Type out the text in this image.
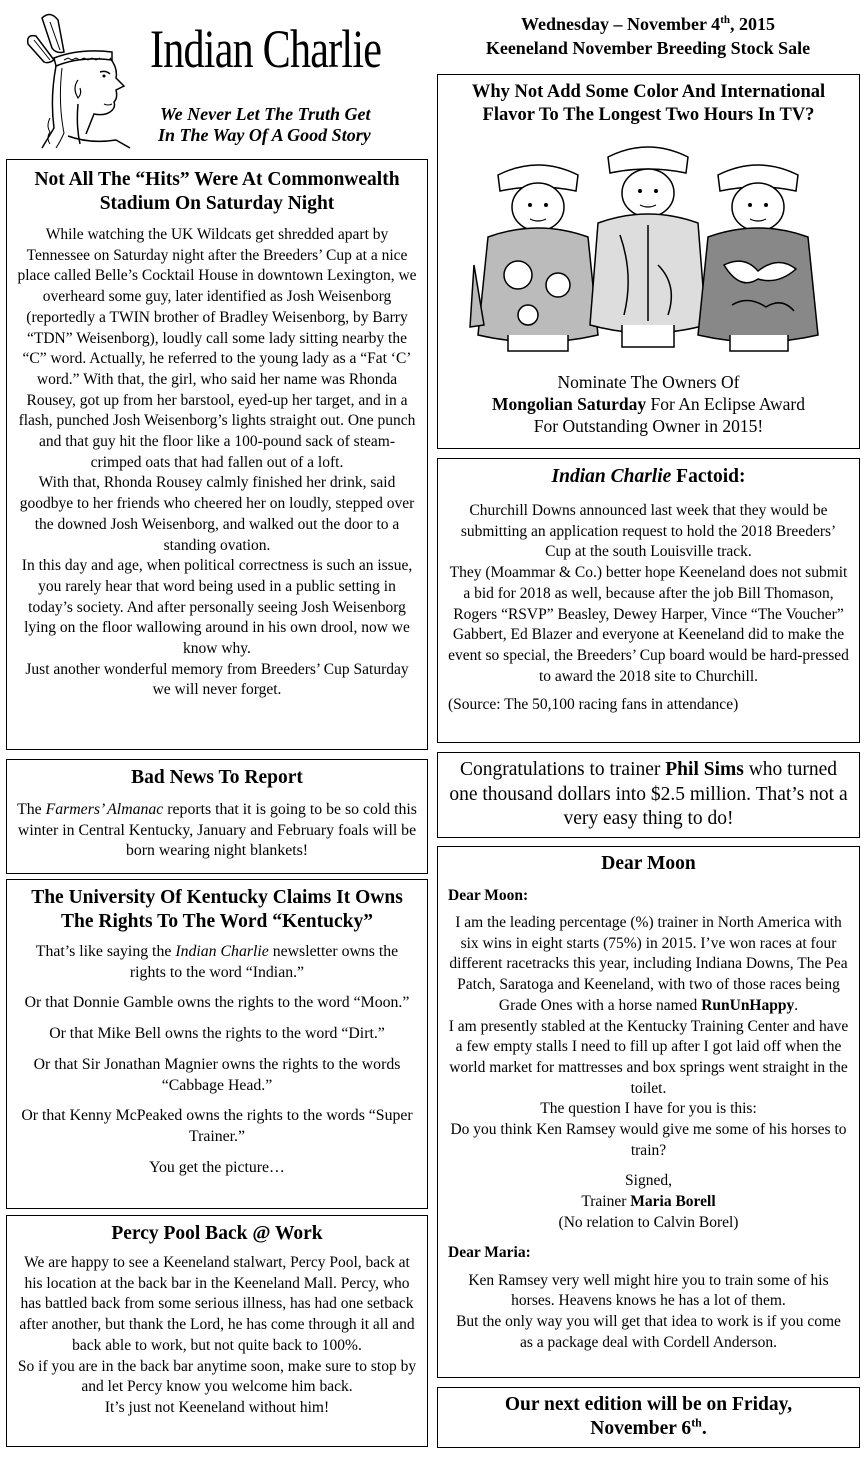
Indian Charlie
We Never Let The Truth Get
In The Way Of A Good Story
Wednesday – November 4th, 2015
Keeneland November Breeding Stock Sale
Not All The “Hits” Were At Commonwealth Stadium On Saturday Night

While watching the UK Wildcats get shredded apart by Tennessee on Saturday night after the Breeders’ Cup at a nice place called Belle’s Cocktail House in downtown Lexington, we overheard some guy, later identified as Josh Weisenborg (reportedly a TWIN brother of Bradley Weisenborg, by Barry “TDN” Weisenborg), loudly call some lady sitting nearby the “C” word. Actually, he referred to the young lady as a “Fat ‘C’ word.” With that, the girl, who said her name was Rhonda Rousey, got up from her barstool, eyed-up her target, and in a flash, punched Josh Weisenborg’s lights straight out. One punch and that guy hit the floor like a 100-pound sack of steam-crimped oats that had fallen out of a loft.

With that, Rhonda Rousey calmly finished her drink, said goodbye to her friends who cheered her on loudly, stepped over the downed Josh Weisenborg, and walked out the door to a standing ovation.

In this day and age, when political correctness is such an issue, you rarely hear that word being used in a public setting in today’s society. And after personally seeing Josh Weisenborg lying on the floor wallowing around in his own drool, now we know why.

Just another wonderful memory from Breeders’ Cup Saturday we will never forget.

Bad News To Report

The Farmers’ Almanac reports that it is going to be so cold this winter in Central Kentucky, January and February foals will be born wearing night blankets!

The University Of Kentucky Claims It Owns The Rights To The Word “Kentucky”

That’s like saying the Indian Charlie newsletter owns the rights to the word “Indian.”

Or that Donnie Gamble owns the rights to the word “Moon.”

Or that Mike Bell owns the rights to the word “Dirt.”

Or that Sir Jonathan Magnier owns the rights to the words “Cabbage Head.”

Or that Kenny McPeaked owns the rights to the words “Super Trainer.”

You get the picture…

Percy Pool Back @ Work

We are happy to see a Keeneland stalwart, Percy Pool, back at his location at the back bar in the Keeneland Mall. Percy, who has battled back from some serious illness, has had one setback after another, but thank the Lord, he has come through it all and back able to work, but not quite back to 100%.

So if you are in the back bar anytime soon, make sure to stop by and let Percy know you welcome him back.

It’s just not Keeneland without him!

Why Not Add Some Color And International Flavor To The Longest Two Hours In TV?

Nominate The Owners Of

Mongolian Saturday For An Eclipse Award

For Outstanding Owner in 2015!

Indian Charlie Factoid:

Churchill Downs announced last week that they would be submitting an application request to hold the 2018 Breeders’ Cup at the south Louisville track.

They (Moammar & Co.) better hope Keeneland does not submit a bid for 2018 as well, because after the job Bill Thomason, Rogers “RSVP” Beasley, Dewey Harper, Vince “The Voucher” Gabbert, Ed Blazer and everyone at Keeneland did to make the event so special, the Breeders’ Cup board would be hard-pressed to award the 2018 site to Churchill.

(Source: The 50,100 racing fans in attendance)

Congratulations to trainer Phil Sims who turned one thousand dollars into $2.5 million. That’s not a very easy thing to do!

Dear Moon

Dear Moon:

I am the leading percentage (%) trainer in North America with six wins in eight starts (75%) in 2015. I’ve won races at four different racetracks this year, including Indiana Downs, The Pea Patch, Saratoga and Keeneland, with two of those races being Grade Ones with a horse named RunUnHappy.

I am presently stabled at the Kentucky Training Center and have a few empty stalls I need to fill up after I got laid off when the world market for mattresses and box springs went straight in the toilet.

The question I have for you is this:

Do you think Ken Ramsey would give me some of his horses to train?

Signed,

Trainer Maria Borell

(No relation to Calvin Borel)

Dear Maria:

Ken Ramsey very well might hire you to train some of his horses. Heavens knows he has a lot of them.

But the only way you will get that idea to work is if you come as a package deal with Cordell Anderson.

Our next edition will be on Friday,

November 6th.
